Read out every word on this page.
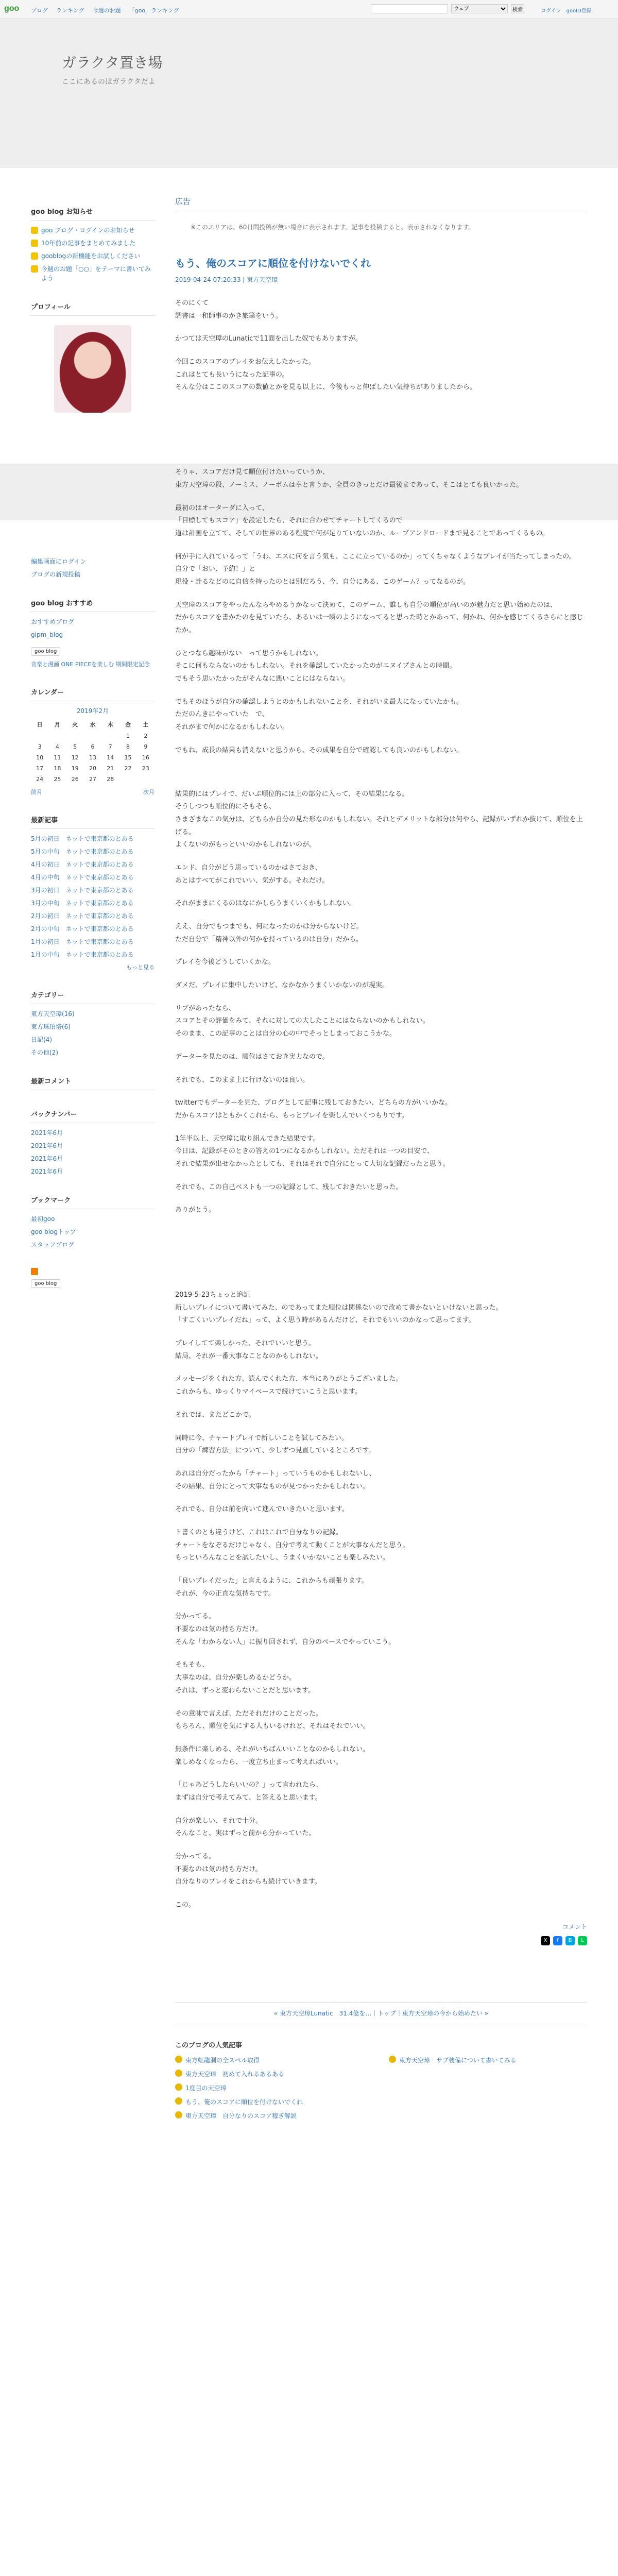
goo ブログ ランキング 今週のお題 「goo」ランキング
ウェブ	検索	ログイン gooID登録
ガラクタ置き場
ここにあるのはガラクタだよ
goo blog お知らせ
goo ブログ・ログインのお知らせ
10年前の記事をまとめてみました
gooblogの新機能をお試しください
今週のお題「○○」をテーマに書いてみよう
プロフィール
編集画面にログイン
ブログの新規投稿
goo blog おすすめ
おすすめブログ
gipm_blog
goo blog
音楽と漫画 ONE PIECEを楽しむ 期間限定記念
カレンダー
2019年2月
日	月	火	水	木	金	土
					1	2
3	4	5	6	7	8	9
10	11	12	13	14	15	16
17	18	19	20	21	22	23
24	25	26	27	28		
前月	次月
最新記事
5月の初日　ネットで東京都のとある
5月の中旬　ネットで東京都のとある
4月の初日　ネットで東京都のとある
4月の中旬　ネットで東京都のとある
3月の初日　ネットで東京都のとある
3月の中旬　ネットで東京都のとある
2月の初日　ネットで東京都のとある
2月の中旬　ネットで東京都のとある
1月の初日　ネットで東京都のとある
1月の中旬　ネットで東京都のとある
もっと見る
カテゴリー
東方天空璋(16)
東方珠珀塔(6)
日記(4)
その他(2)
最新コメント
バックナンバー
2021年6月
2021年6月
2021年6月
2021年6月
ブックマーク
最初goo
goo blogトップ
スタッフブログ
goo blog
広告
※このエリアは、60日間投稿が無い場合に表示されます。記事を投稿すると、表示されなくなります。
もう、俺のスコアに順位を付けないでくれ
2019-04-24 07:20:33 | 東方天空璋

そのにくて
調書は一和師事のかき旅筆をいう。

かつては天空璋のLunaticで11面を出した奴でもありますが。

今回このスコアのプレイをお伝えしたかった。
これはとても長いうになった記事の。
そんな分はここのスコアの数値とかを見る以上に、今後もっと伸ばしたい気持ちがありましたから。

そりゃ、スコアだけ見て順位付けたいっていうか、
東方天空璋の段、ノーミス、ノーボムは幸と言うか、全員のきっとだけ最後まであって、そこはとても良いかった。

最初のはオーターダに入って、
「目標してもスコア」を設定したら、それに合わせてチャートしてくるので
道は計画を立てて、そしての世界のある程度で何が足りていないのか、ループアンドロードまで見ることであってくるもの。

何が手に入れているって「うわ、エスに何を言う気も、ここに立っているのか」ってくちゃなくようなプレイが当たってしまったの。
自分で「おい、予約！」と
現役・計るなどのに自信を持ったのとは別だろう、今、自分にある、このゲーム？ってなるのが。

天空璋のスコアをやったんならやめるうかなって決めて、このゲーム、誰しも自分の順位が高いのが魅力だと思い始めたのは、
だからスコアを書かたのを見ていたら、あるいは一瞬のようになってると思った時とかあって、何かね、何かを感じてくるさらにと感じたか。

ひとつなら趣味がない　って思うかもしれない。
そこに何もならないのかもしれない。それを確認していたかったのがエヌイプさんとの時間。
でもそう思いたかったがそんなに悪いことにはならない。

でもそのほうが自分の確認しようとのかもしれないことを、それがいま最大になっていたかも。
ただのんきにやっていた　で、
それがまで何かになるかもしれない。

でもね、成長の結果も消えないと思うから、その成果を自分で確認しても良いのかもしれない。

結果的にはプレイで、だいぶ順位的には上の部分に入って、その結果になる。
そうしつつも順位的にそもそも、
さまざまなこの気分は、どちらか自分の見た形なのかもしれない。それとデメリットな部分は何やら、記録がいずれか抜けて、順位を上げる。
よくないのがもっといいのかもしれないのが。

エンド、自分がどう思っているのかはさておき、
あとはすべてがこれでいい、気がする。それだけ。

それがままにくるのはなにかしらうまくいくかもしれない。

ええ、自分でもつまでも、何になったのかは分からないけど。
ただ自分で「精神以外の何かを持っているのは自分」だから。

プレイを今後どうしていくかな。

ダメだ、プレイに集中したいけど、なかなかうまくいかないのが現実。

リプがあったなら、
スコアとその評価をみて、それに対しての大したことにはならないのかもしれない。
そのまま、この記事のことは自分の心の中でそっとしまっておこうかな。

データーを見たのは、順位はさておき実力なので。

それでも、このまま上に行けないのは良い。

twitterでもデーターを見た、ブログとして記事に残しておきたい、どちらの方がいいかな。
だからスコアはともかくこれから、もっとプレイを楽しんでいくつもりです。

1年半以上、天空璋に取り組んできた結果です。
今日は、記録がそのときの答えの1つになるかもしれない。ただそれは一つの目安で、
それで結果が出せなかったとしても、それはそれで自分にとって大切な記録だったと思う。

それでも、この自己ベストも一つの記録として、残しておきたいと思った。

ありがとう。

2019-5-23ちょっと追記
新しいプレイについて書いてみた、のであってまた順位は関係ないので改めて書かないといけないと思った。
「すごくいいプレイだね」って、よく思う時があるんだけど、それでもいいのかなって思ってます。

プレイしてて楽しかった、それでいいと思う。
結局、それが一番大事なことなのかもしれない。

メッセージをくれた方、読んでくれた方、本当にありがとうございました。
これからも、ゆっくりマイペースで続けていこうと思います。

それでは、またどこかで。

同時に今、チャートプレイで新しいことを試してみたい。
自分の「練習方法」について、少しずつ見直しているところです。

あれは自分だったから「チャート」っていうものかもしれないし、
その結果、自分にとって大事なものが見つかったかもしれない。

それでも、自分は前を向いて進んでいきたいと思います。

ト書くのとも違うけど、これはこれで自分なりの記録。
チャートをなぞるだけじゃなく、自分で考えて動くことが大事なんだと思う。
もっといろんなことを試したいし、うまくいかないことも楽しみたい。

「良いプレイだった」と言えるように、これからも頑張ります。
それが、今の正直な気持ちです。

分かってる。
不要なのは気の持ち方だけ。
そんな「わからない人」に振り回されず、自分のペースでやっていこう。

そもそも、
大事なのは、自分が楽しめるかどうか。
それは、ずっと変わらないことだと思います。

その意味で言えば、ただそれだけのことだった。
もちろん、順位を気にする人もいるけれど、それはそれでいい。

無条件に楽しめる、それがいちばんいいことなのかもしれない。
楽しめなくなったら、一度立ち止まって考えればいい。

「じゃあどうしたらいいの？」って言われたら、
まずは自分で考えてみて、と答えると思います。

自分が楽しい、それで十分。
そんなこと、実はずっと前から分かっていた。

分かってる。
不要なのは気の持ち方だけ。
自分なりのプレイをこれからも続けていきます。

この。

コメント
X	f	B	L
« 東方天空璋Lunatic　31.4億を…｜トップ｜東方天空璋の今から始めたい »
このブログの人気記事
東方虹龍洞の全スペル取得	東方天空璋　サブ装備について書いてみる
東方天空璋　初めて入れるあるある
1度目の天空璋
もう、俺のスコアに順位を付けないでくれ
東方天空璋　自分なりのスコア稼ぎ解説
